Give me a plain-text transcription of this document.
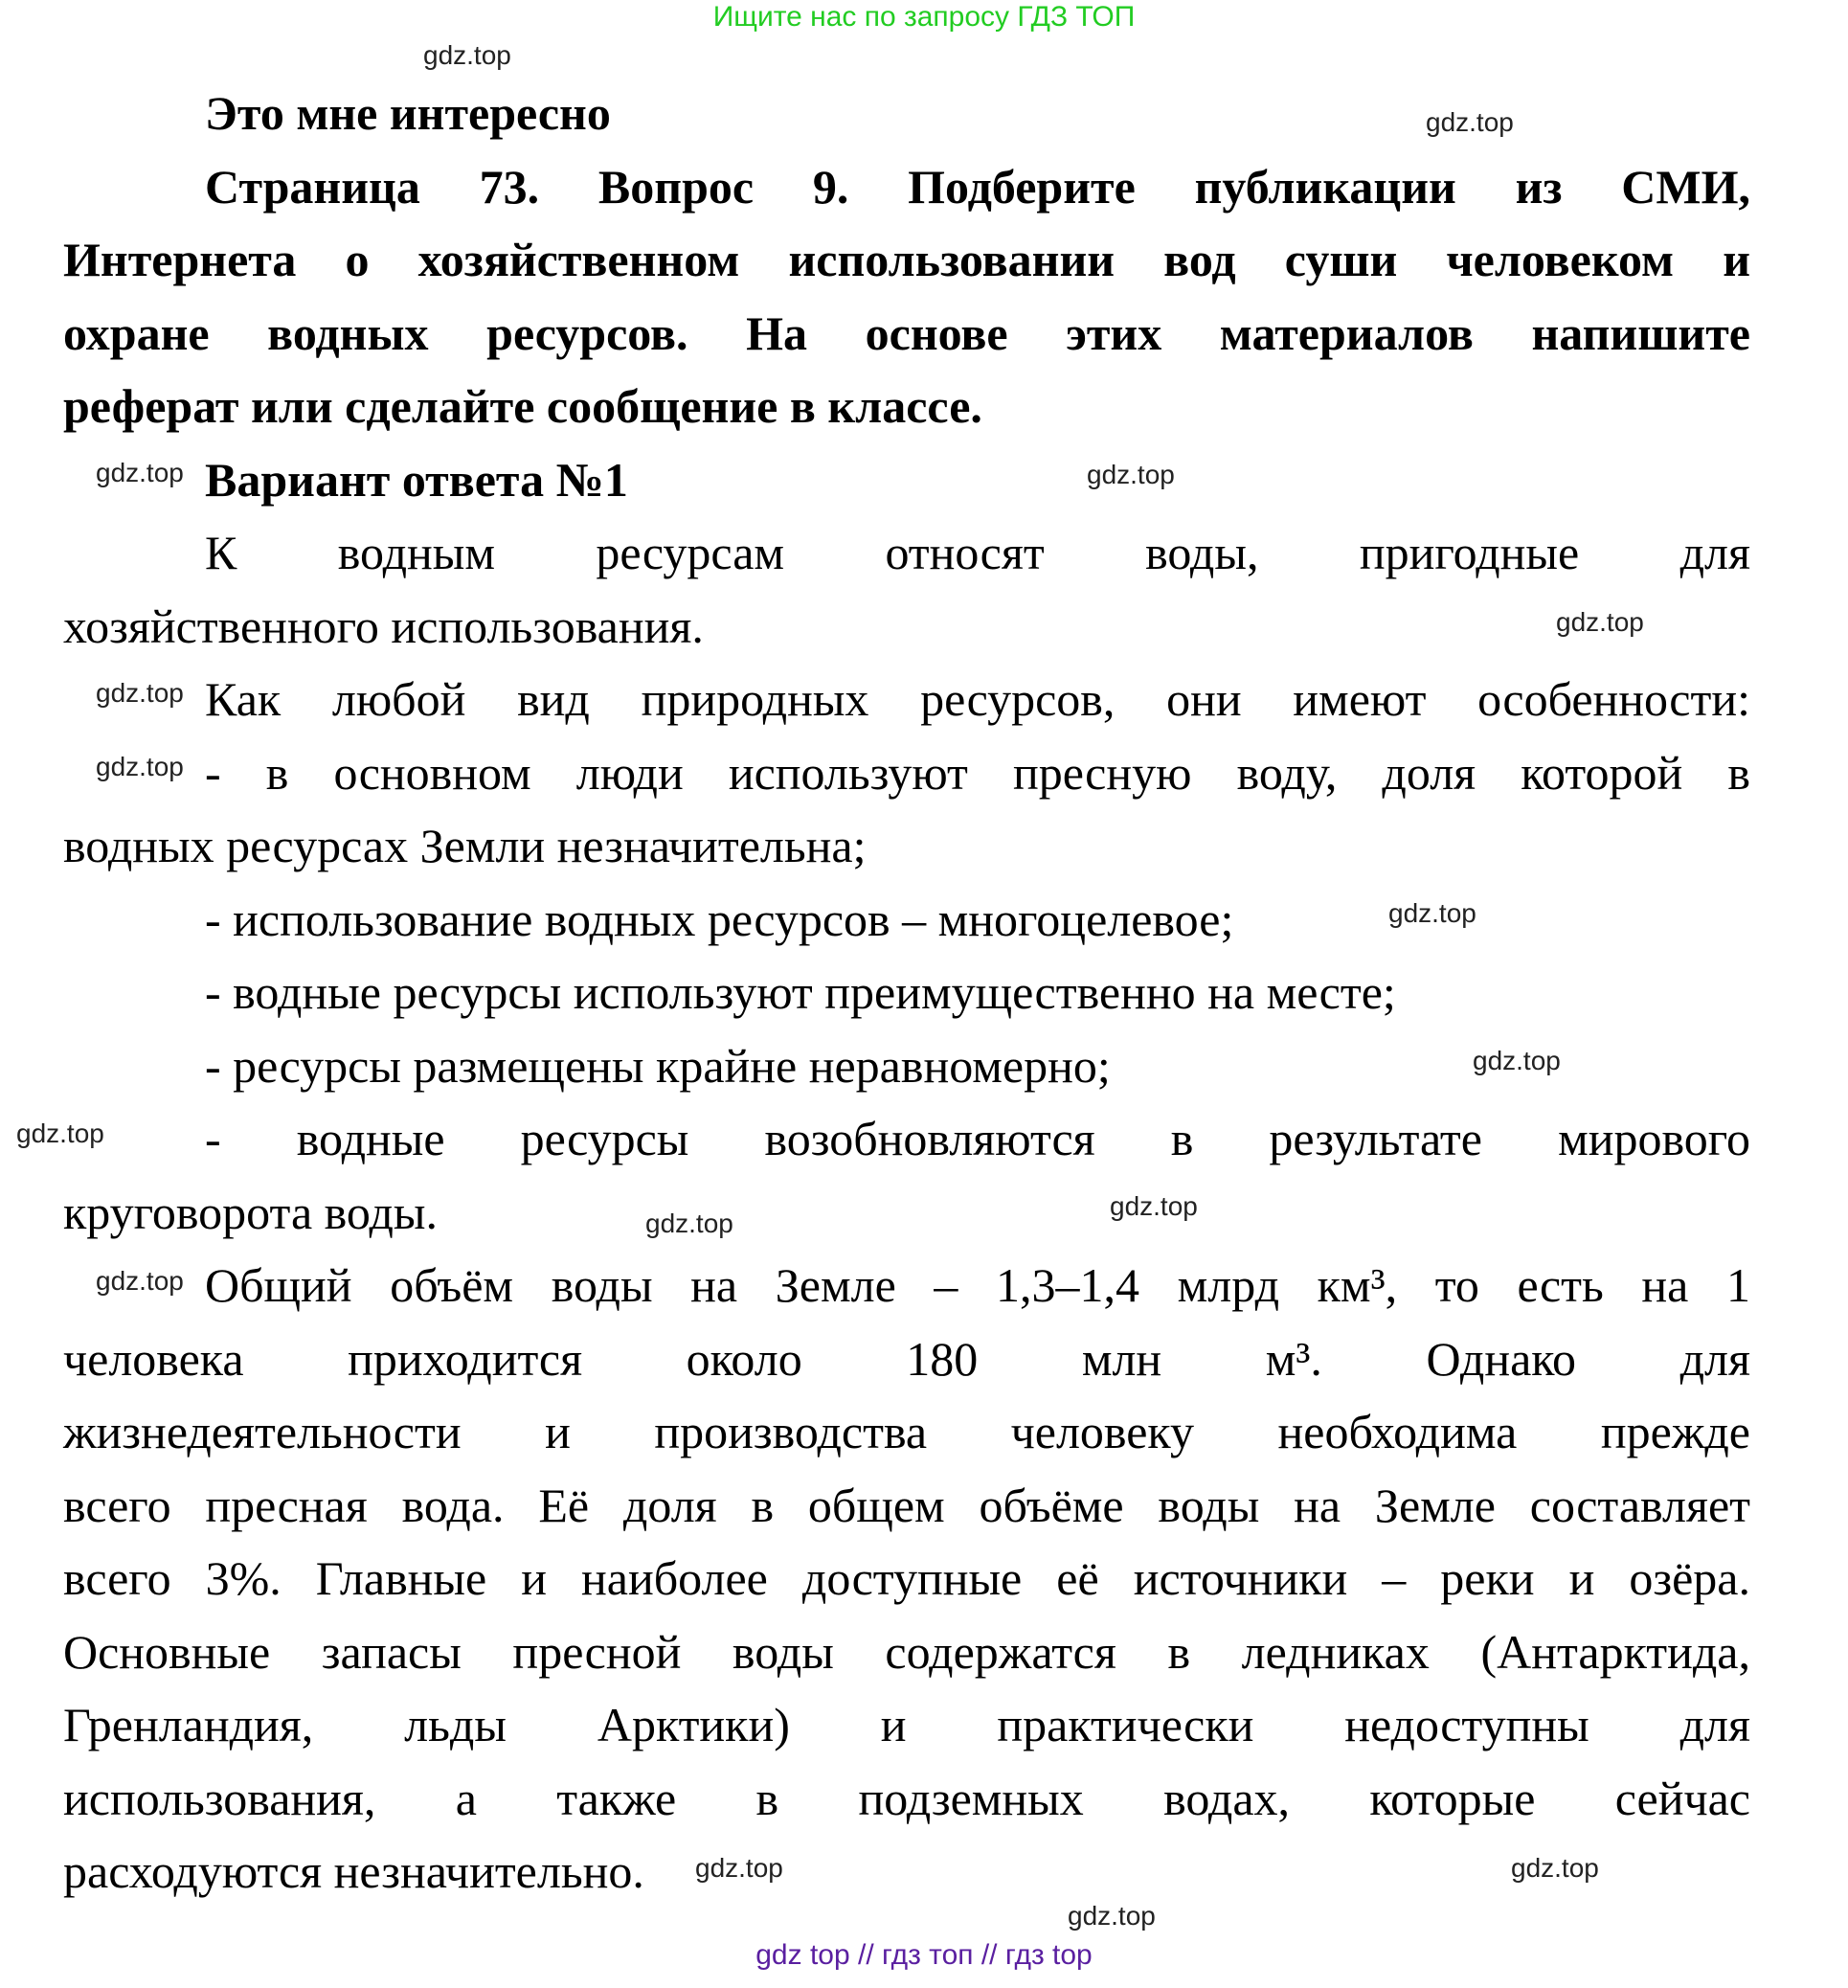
Ищите нас по запросу ГДЗ ТОП
Это мне интересно
Страница 73. Вопрос 9. Подберите публикации из СМИ,
Интернета о хозяйственном использовании вод суши человеком и
охране водных ресурсов. На основе этих материалов напишите
реферат или сделайте сообщение в классе.
Вариант ответа №1
К водным ресурсам относят воды, пригодные для
хозяйственного использования.
Как любой вид природных ресурсов, они имеют особенности:
- в основном люди используют пресную воду, доля которой в
водных ресурсах Земли незначительна;
- использование водных ресурсов – многоцелевое;
- водные ресурсы используют преимущественно на месте;
- ресурсы размещены крайне неравномерно;
- водные ресурсы возобновляются в результате мирового
круговорота воды.
Общий объём воды на Земле – 1,3–1,4 млрд км³, то есть на 1
человека приходится около 180 млн м³. Однако для
жизнедеятельности и производства человеку необходима прежде
всего пресная вода. Её доля в общем объёме воды на Земле составляет
всего 3%. Главные и наиболее доступные её источники – реки и озёра.
Основные запасы пресной воды содержатся в ледниках (Антарктида,
Гренландия, льды Арктики) и практически недоступны для
использования, а также в подземных водах, которые сейчас
расходуются незначительно.
gdz.top
gdz.top
gdz.top	gdz.top
gdz.top
gdz.top
gdz.top
gdz.top
gdz.top
gdz.top
gdz.top
gdz.top
gdz.top
gdz.top
gdz.top
gdz.top
gdz top // гдз топ // гдз top
